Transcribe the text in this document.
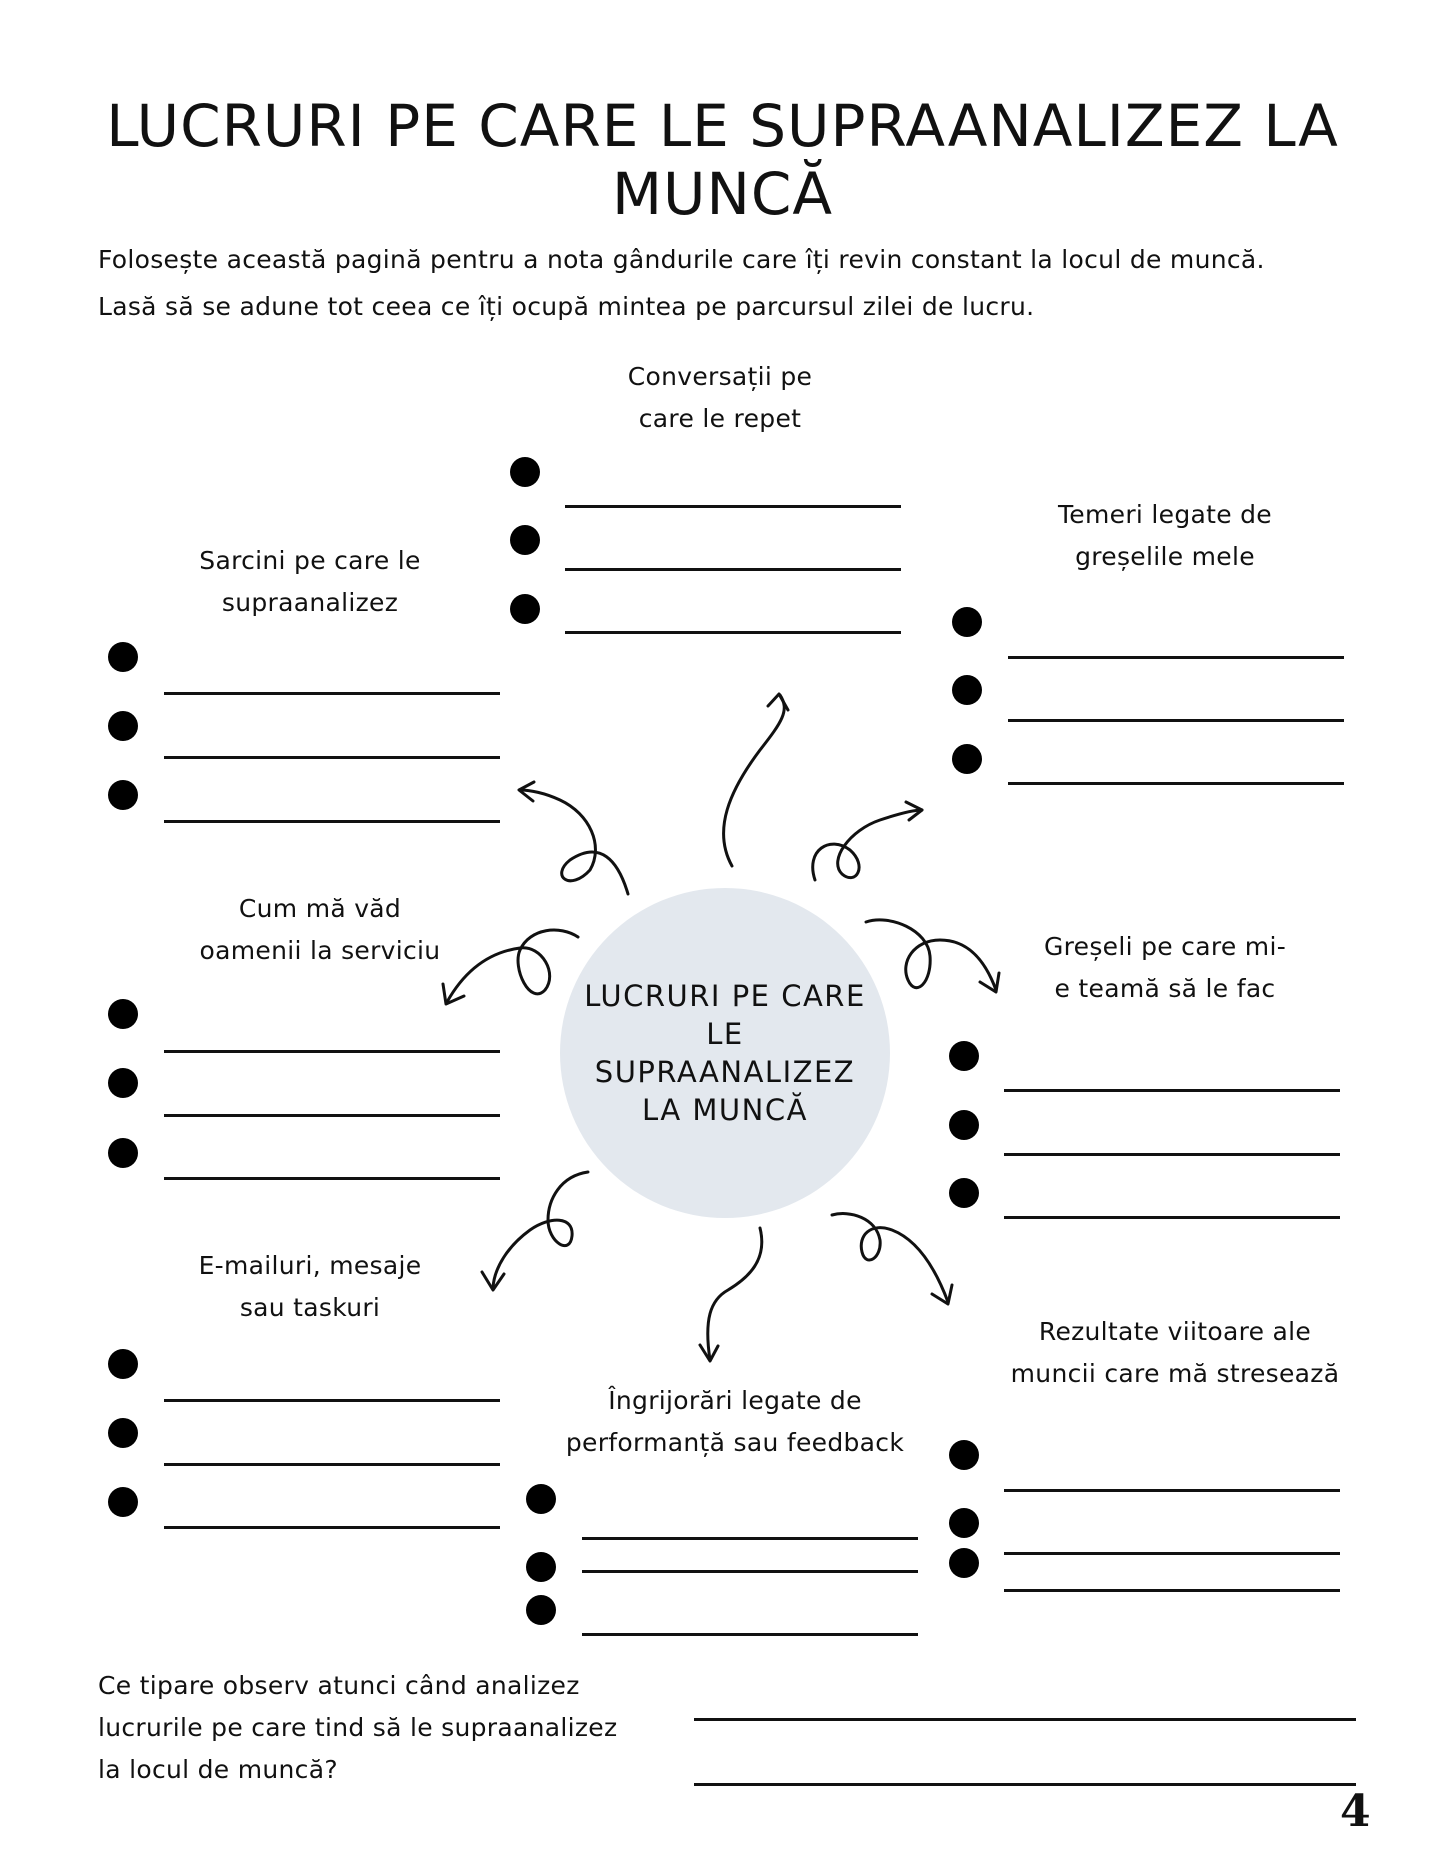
LUCRURI PE CARE LE SUPRAANALIZEZ LA MUNCĂ
Folosește această pagină pentru a nota gândurile care îți revin constant la locul de muncă.
Lasă să se adune tot ceea ce îți ocupă mintea pe parcursul zilei de lucru.
LUCRURI PE CARE LE SUPRAANALIZEZ LA MUNCĂ
Conversații pe
care le repet
Sarcini pe care le
supraanalizez
Temeri legate de
greșelile mele
Cum mă văd
oamenii la serviciu	Greșeli pe care mi-
e teamă să le fac
E-mailuri, mesaje
sau taskuri
Rezultate viitoare ale
muncii care mă stresează
Îngrijorări legate de
performanță sau feedback
Ce tipare observ atunci când analizez
lucrurile pe care tind să le supraanalizez
la locul de muncă?
4
